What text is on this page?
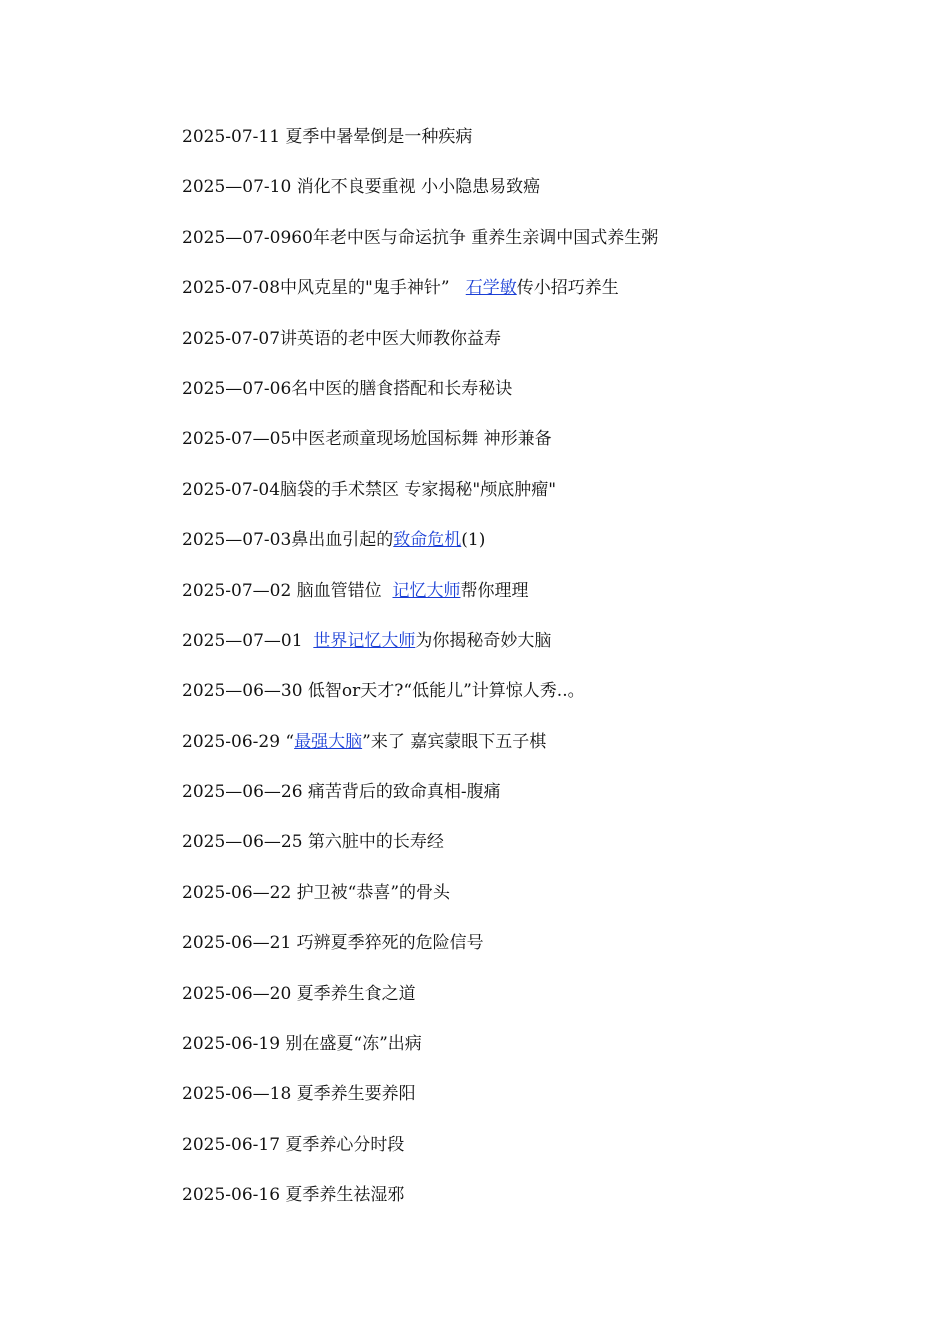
2025-07-11 夏季中暑晕倒是一种疾病
2025—07-10 消化不良要重视 小小隐患易致癌
2025—07-0960年老中医与命运抗争 重养生亲调中国式养生粥
2025-07-08中风克星的"鬼手神针”   石学敏传小招巧养生
2025-07-07讲英语的老中医大师教你益寿
2025—07-06名中医的膳食搭配和长寿秘诀
2025-07—05中医老顽童现场尬国标舞 神形兼备
2025-07-04脑袋的手术禁区 专家揭秘"颅底肿瘤"
2025—07-03鼻出血引起的致命危机(1)
2025-07—02 脑血管错位  记忆大师帮你理理
2025—07—01  世界记忆大师为你揭秘奇妙大脑
2025—06—30 低智or天才?“低能儿”计算惊人秀..。
2025-06-29 “最强大脑”来了 嘉宾蒙眼下五子棋
2025—06—26 痛苦背后的致命真相-腹痛
2025—06—25 第六脏中的长寿经
2025-06—22 护卫被“恭喜”的骨头
2025-06—21 巧辨夏季猝死的危险信号
2025-06—20 夏季养生食之道
2025-06-19 别在盛夏“冻”出病
2025-06—18 夏季养生要养阳
2025-06-17 夏季养心分时段
2025-06-16 夏季养生祛湿邪
